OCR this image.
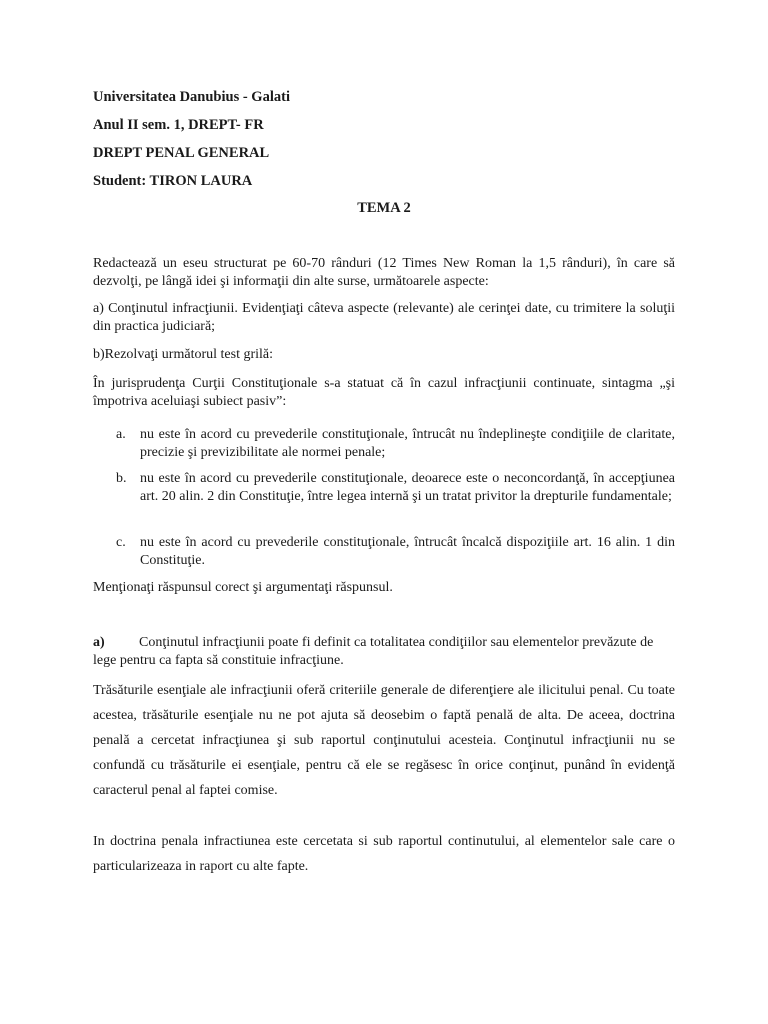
Universitatea Danubius - Galati
Anul II sem. 1, DREPT- FR
DREPT PENAL GENERAL
Student: TIRON LAURA
TEMA 2
Redactează un eseu structurat pe 60-70 rânduri (12 Times New Roman la 1,5 rânduri), în care să dezvolţi, pe lângă idei şi informaţii din alte surse, următoarele aspecte:
a) Conţinutul infracţiunii. Evidenţiaţi câteva aspecte (relevante) ale cerinţei date, cu trimitere la soluţii din practica judiciară;
b)Rezolvaţi următorul test grilă:
În jurisprudenţa Curţii Constituţionale s-a statuat că în cazul infracţiunii continuate, sintagma „şi împotriva aceluiaşi subiect pasiv”:
a.	nu este în acord cu prevederile constituţionale, întrucât nu îndeplineşte condiţiile de claritate, precizie şi previzibilitate ale normei penale;
b. nu este în acord cu prevederile constituţionale, deoarece este o neconcordanţă, în accepţiunea art. 20 alin. 2 din Constituţie, între legea internă şi un tratat privitor la drepturile fundamentale;
c.	nu este în acord cu prevederile constituţionale, întrucât încalcă dispoziţiile art. 16 alin. 1 din Constituţie.
Menţionaţi răspunsul corect şi argumentaţi răspunsul.
a) Conţinutul infracţiunii poate fi definit ca totalitatea condiţiilor sau elementelor prevăzute de lege pentru ca fapta să constituie infracţiune.
Trăsăturile esenţiale ale infracţiunii oferă criteriile generale de diferenţiere ale ilicitului penal. Cu toate acestea, trăsăturile esenţiale nu ne pot ajuta să deosebim o faptă penală de alta. De aceea, doctrina penală a cercetat infracţiunea şi sub raportul conţinutului acesteia. Conţinutul infracţiunii nu se confundă cu trăsăturile ei esenţiale, pentru că ele se regăsesc în orice conţinut, punând în evidenţă caracterul penal al faptei comise.
In doctrina penala infractiunea este cercetata si sub raportul continutului, al elementelor sale care o particularizeaza in raport cu alte fapte.
